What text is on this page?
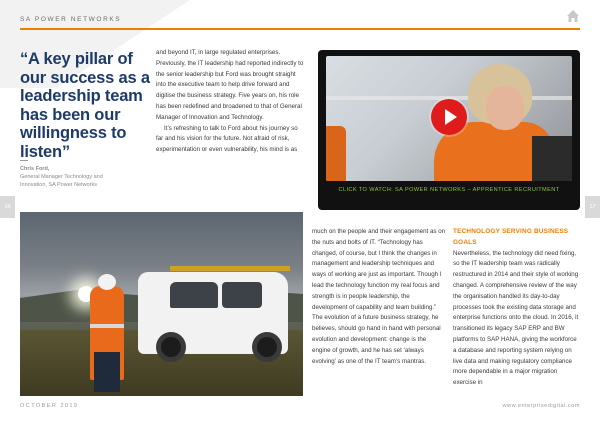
SA POWER NETWORKS
“A key pillar of our success as a leadership team has been our willingness to listen”
Chris Ford,
General Manager Technology and Innovation, SA Power Networks

and beyond IT, in large regulated enterprises. Previously, the IT leadership had reported indirectly to the senior leadership but Ford was brought straight into the executive team to help drive forward and digitise the business strategy. Five years on, his role has been redefined and broadened to that of General Manager of Innovation and Technology.

It’s refreshing to talk to Ford about his journey so far and his vision for the future. Not afraid of risk, experimentation or even vulnerability, his mind is as

CLICK TO WATCH: SA POWER NETWORKS – APPRENTICE RECRUITMENT
16	17

much on the people and their engagement as on the nuts and bolts of IT. “Technology has changed, of course, but I think the changes in management and leadership techniques and ways of working are just as important. Though I lead the technology function my real focus and strength is in people leadership, the development of capability and team building.” The evolution of a future business strategy, he believes, should go hand in hand with personal evolution and development: change is the engine of growth, and he has set ‘always evolving’ as one of the IT team’s mantras.

TECHNOLOGY SERVING BUSINESS GOALS

Nevertheless, the technology did need fixing, so the IT leadership team was radically restructured in 2014 and their style of working changed. A comprehensive review of the way the organisation handled its day-to-day processes took the existing data storage and enterprise functions onto the cloud. In 2016, it transitioned its legacy SAP ERP and BW platforms to SAP HANA, giving the workforce a database and reporting system relying on live data and making regulatory compliance more dependable in a major migration exercise in

OCTOBER 2019	www.enterprisedigital.com
